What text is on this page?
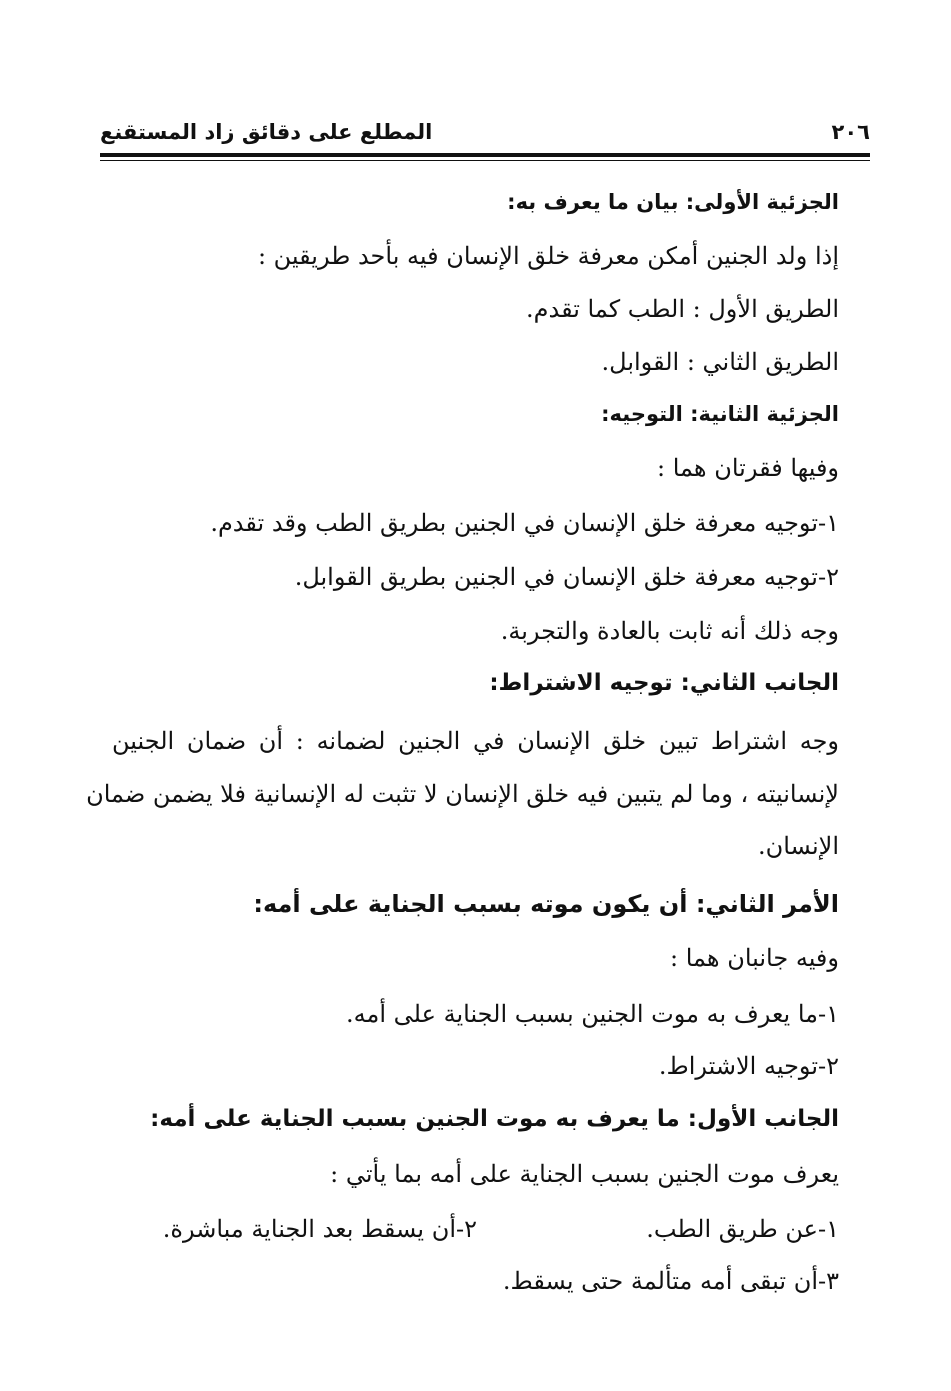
المطلع على دقائق زاد المستقنع	٢٠٦
الجزئية الأولى: بيان ما يعرف به:
إذا ولد الجنين أمكن معرفة خلق الإنسان فيه بأحد طريقين :
الطريق الأول : الطب كما تقدم.
الطريق الثاني : القوابل.
الجزئية الثانية: التوجيه:
وفيها فقرتان هما :
١-توجيه معرفة خلق الإنسان في الجنين بطريق الطب وقد تقدم.
٢-توجيه معرفة خلق الإنسان في الجنين بطريق القوابل.
وجه ذلك أنه ثابت بالعادة والتجربة.
الجانب الثاني: توجيه الاشتراط:
وجه اشتراط تبين خلق الإنسان في الجنين لضمانه : أن ضمان الجنين
لإنسانيته ، وما لم يتبين فيه خلق الإنسان لا تثبت له الإنسانية فلا يضمن ضمان
الإنسان.
الأمر الثاني: أن يكون موته بسبب الجناية على أمه:
وفيه جانبان هما :
١-ما يعرف به موت الجنين بسبب الجناية على أمه.
٢-توجيه الاشتراط.
الجانب الأول: ما يعرف به موت الجنين بسبب الجناية على أمه:
يعرف موت الجنين بسبب الجناية على أمه بما يأتي :
١-عن طريق الطب.
٢-أن يسقط بعد الجناية مباشرة.
٣-أن تبقى أمه متألمة حتى يسقط.
